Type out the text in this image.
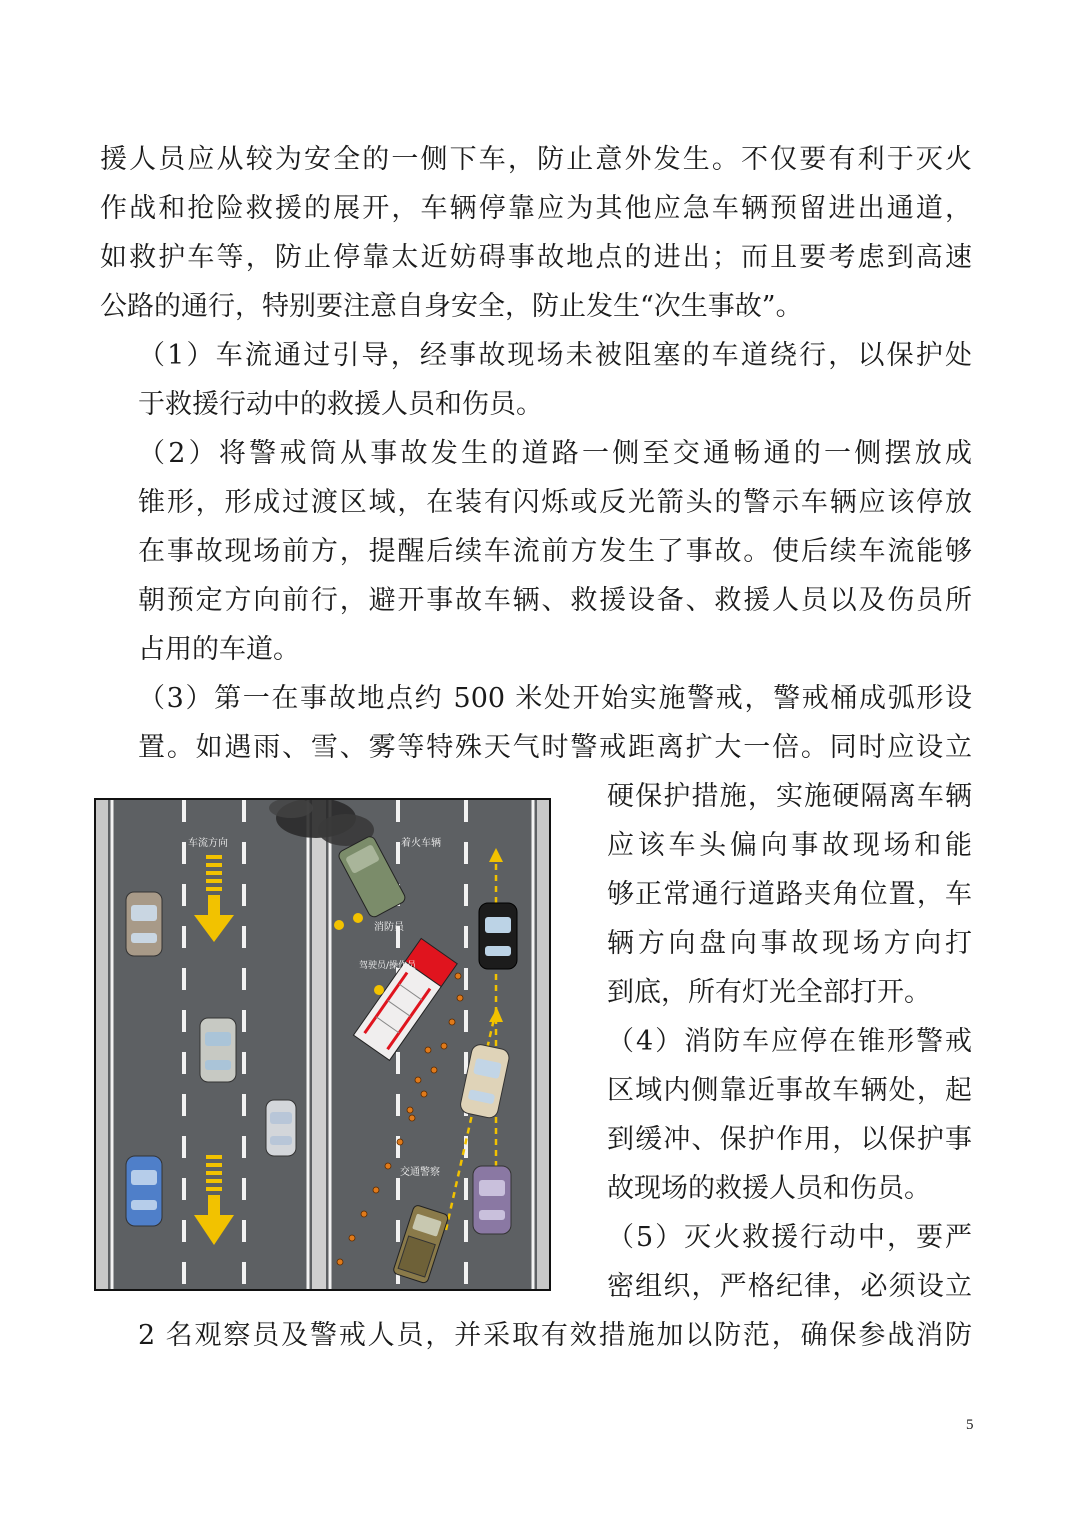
援人员应从较为安全的一侧下车，防止意外发生。不仅要有利于灭火
作战和抢险救援的展开，车辆停靠应为其他应急车辆预留进出通道，
如救护车等，防止停靠太近妨碍事故地点的进出；而且要考虑到高速
公路的通行，特别要注意自身安全，防止发生“次生事故”。
（1）车流通过引导，经事故现场未被阻塞的车道绕行，以保护处
于救援行动中的救援人员和伤员。
（2）将警戒筒从事故发生的道路一侧至交通畅通的一侧摆放成
锥形，形成过渡区域，在装有闪烁或反光箭头的警示车辆应该停放
在事故现场前方，提醒后续车流前方发生了事故。使后续车流能够
朝预定方向前行，避开事故车辆、救援设备、救援人员以及伤员所
占用的车道。
（3）第一在事故地点约 500 米处开始实施警戒，警戒桶成弧形设
置。如遇雨、雪、雾等特殊天气时警戒距离扩大一倍。同时应设立
硬保护措施，实施硬隔离车辆
应该车头偏向事故现场和能
够正常通行道路夹角位置，车
辆方向盘向事故现场方向打
到底，所有灯光全部打开。
（4）消防车应停在锥形警戒
区域内侧靠近事故车辆处，起
到缓冲、保护作用，以保护事
故现场的救援人员和伤员。
（5）灭火救援行动中，要严
密组织，严格纪律，必须设立
2 名观察员及警戒人员，并采取有效措施加以防范，确保参战消防
车流方向	着火车辆
消防员
驾驶员/操作员
交通警察
5
